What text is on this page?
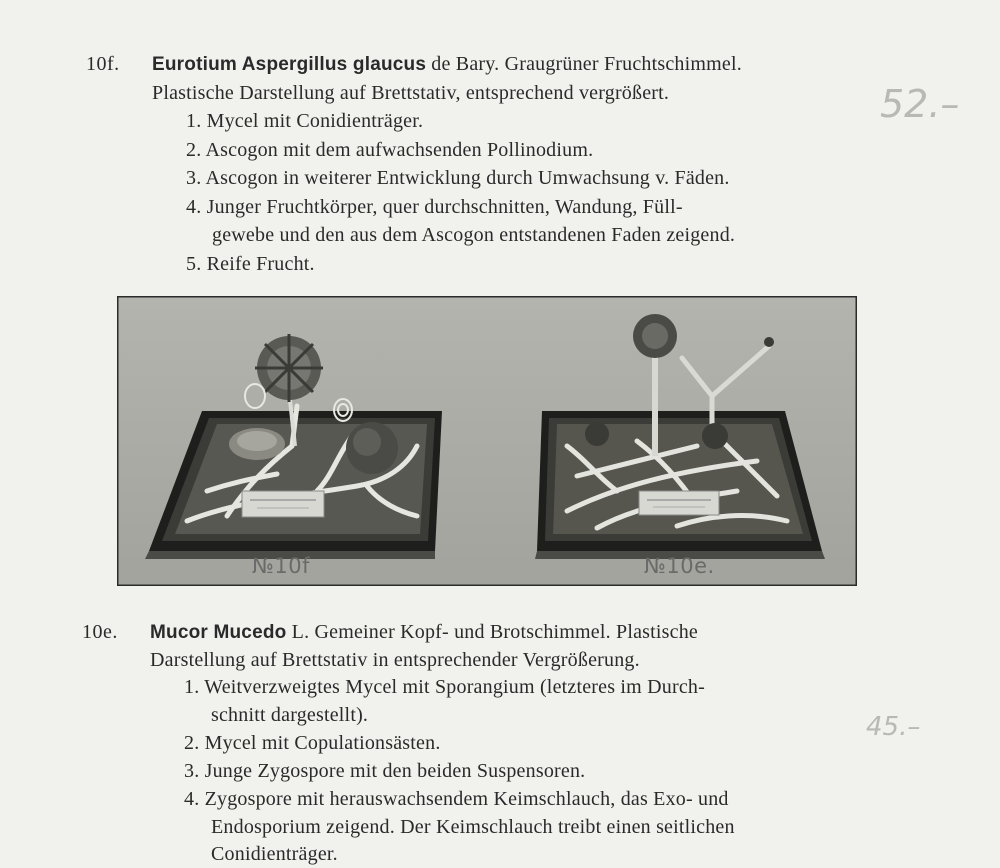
10f. Eurotium Aspergillus glaucus de Bary. Graugrüner Fruchtschimmel.
Plastische Darstellung auf Brettstativ, entsprechend vergrößert.
1. Mycel mit Conidienträger.
2. Ascogon mit dem aufwachsenden Pollinodium.
3. Ascogon in weiterer Entwicklung durch Umwachsung v. Fäden.
4. Junger Fruchtkörper, quer durchschnitten, Wandung, Füll-
gewebe und den aus dem Ascogon entstandenen Faden zeigend.
5. Reife Frucht.
52.–
№10f	№10e.
10e. Mucor Mucedo L. Gemeiner Kopf- und Brotschimmel. Plastische
Darstellung auf Brettstativ in entsprechender Vergrößerung.
1. Weitverzweigtes Mycel mit Sporangium (letzteres im Durch-
schnitt dargestellt).
2. Mycel mit Copulationsästen.
3. Junge Zygospore mit den beiden Suspensoren.
4. Zygospore mit herauswachsendem Keimschlauch, das Exo- und
Endosporium zeigend. Der Keimschlauch treibt einen seitlichen
Conidienträger.
45.–
